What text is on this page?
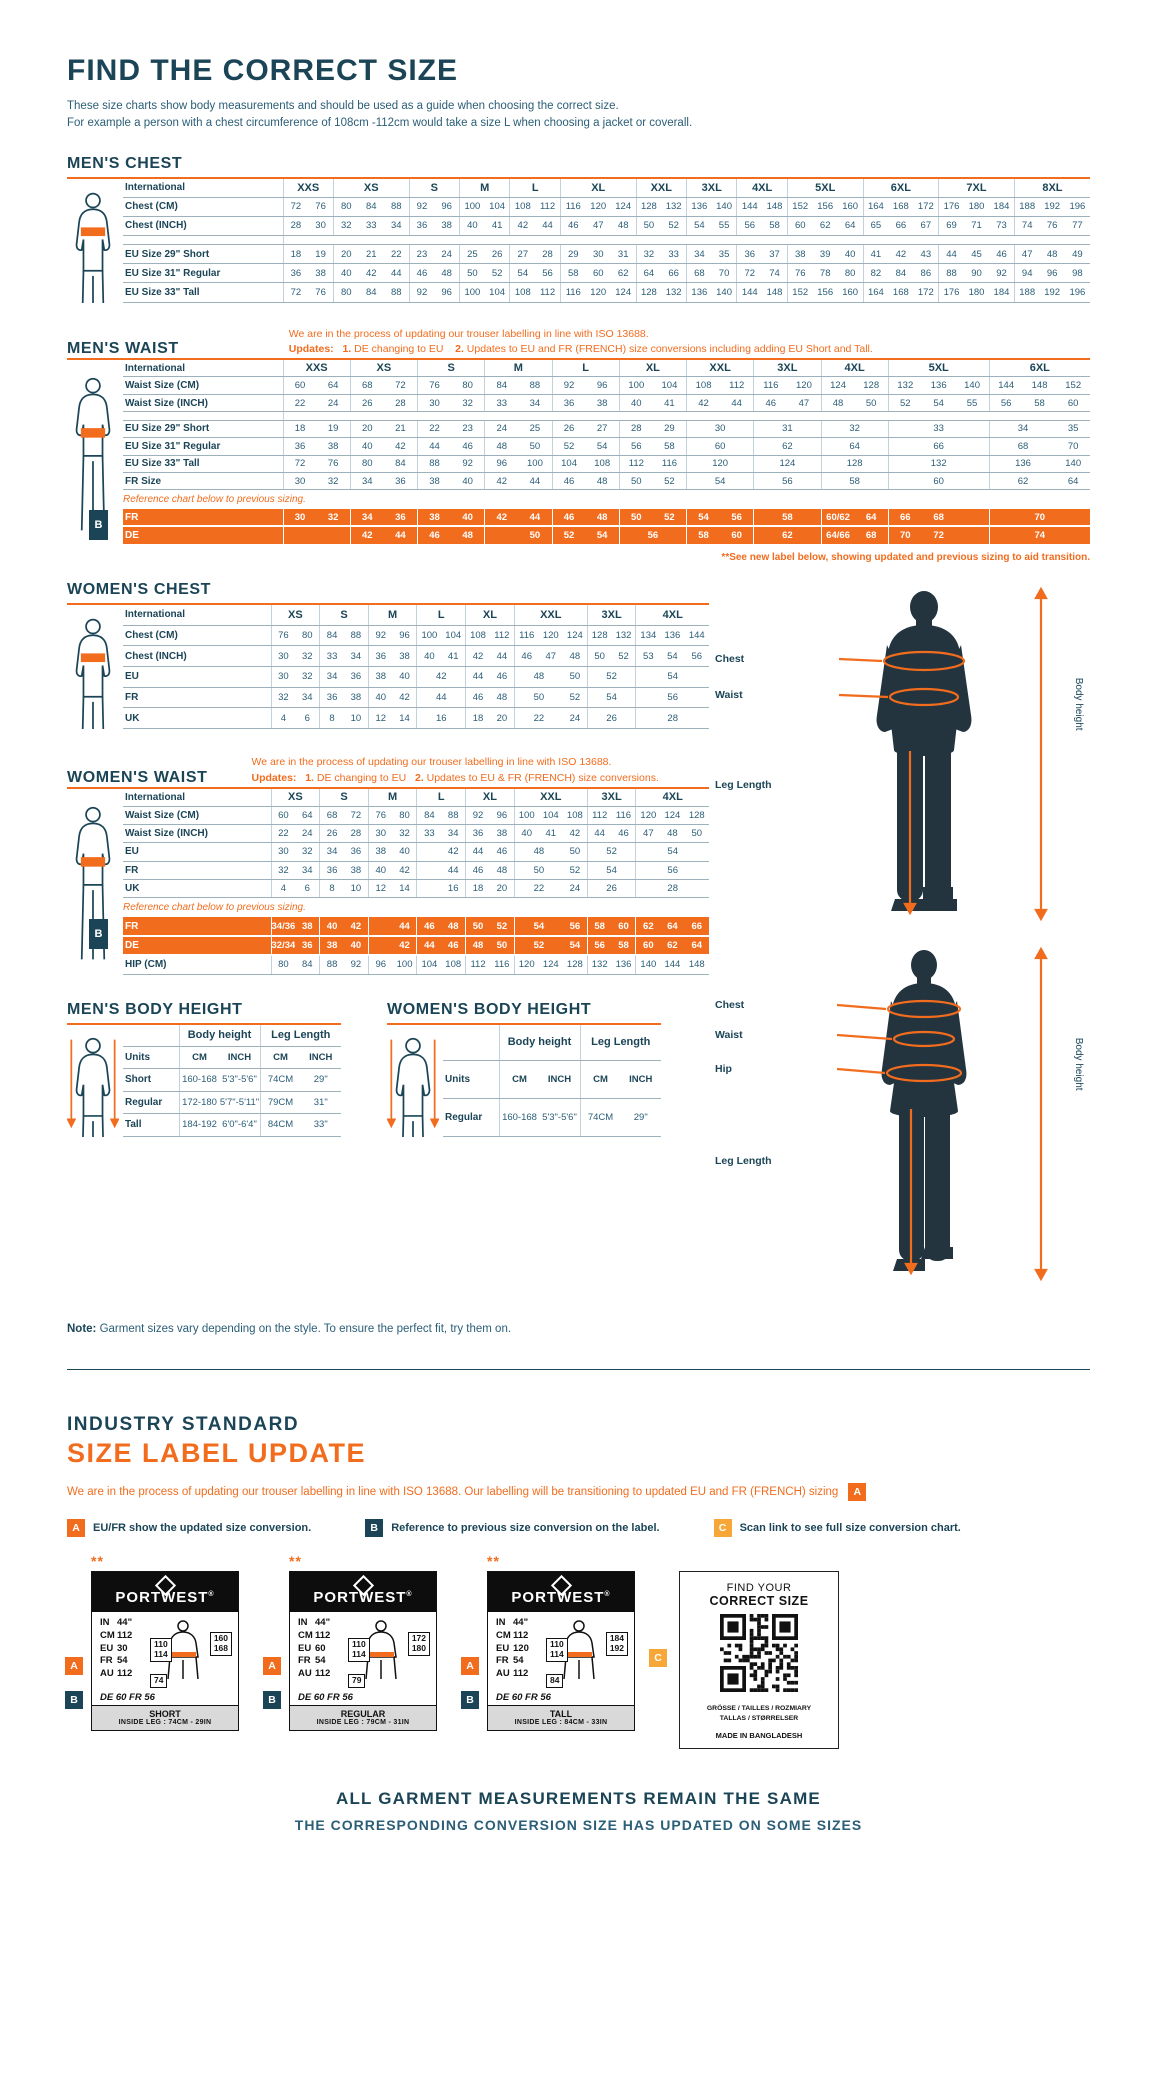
FIND THE CORRECT SIZE

These size charts show body measurements and should be used as a guide when choosing the correct size.
For example a person with a chest circumference of 108cm -112cm would take a size L when choosing a jacket or coverall.

MEN'S CHEST
International	XXS		XS			S		M		L		XL			XXL		3XL		4XL		5XL			6XL			7XL			8XL		
Chest (CM)	72	76	80	84	88	92	96	100	104	108	112	116	120	124	128	132	136	140	144	148	152	156	160	164	168	172	176	180	184	188	192	196
Chest (INCH)	28	30	32	33	34	36	38	40	41	42	44	46	47	48	50	52	54	55	56	58	60	62	64	65	66	67	69	71	73	74	76	77

EU Size 29" Short	18	19	20	21	22	23	24	25	26	27	28	29	30	31	32	33	34	35	36	37	38	39	40	41	42	43	44	45	46	47	48	49
EU Size 31" Regular	36	38	40	42	44	46	48	50	52	54	56	58	60	62	64	66	68	70	72	74	76	78	80	82	84	86	88	90	92	94	96	98
EU Size 33" Tall	72	76	80	84	88	92	96	100	104	108	112	116	120	124	128	132	136	140	144	148	152	156	160	164	168	172	176	180	184	188	192	196
MEN'S WAIST
We are in the process of updating our trouser labelling in line with ISO 13688.
Updates: 1. DE changing to EU 2. Updates to EU and FR (FRENCH) size conversions including adding EU Short and Tall.
B
International	XXS		XS		S		M		L		XL		XXL		3XL		4XL		5XL			6XL		
Waist Size (CM)	60	64	68	72	76	80	84	88	92	96	100	104	108	112	116	120	124	128	132	136	140	144	148	152
Waist Size (INCH)	22	24	26	28	30	32	33	34	36	38	40	41	42	44	46	47	48	50	52	54	55	56	58	60

EU Size 29" Short	18	19	20	21	22	23	24	25	26	27	28	29	30		31		32		33			34		35
EU Size 31" Regular	36	38	40	42	44	46	48	50	52	54	56	58	60		62		64		66			68		70
EU Size 33" Tall	72	76	80	84	88	92	96	100	104	108	112	116	120		124		128		132			136		140
FR Size	30	32	34	36	38	40	42	44	46	48	50	52	54		56		58		60			62		64
Reference chart below to previous sizing.																								
FR	30	32	34	36	38	40	42	44	46	48	50	52	54	56	58		60/62	64	66	68		70		
DE			42	44	46	48		50	52	54	56		58	60	62		64/66	68	70	72		74		

**See new label below, showing updated and previous sizing to aid transition.

WOMEN'S CHEST
International	XS		S		M		L		XL		XXL			3XL		4XL		
Chest (CM)	76	80	84	88	92	96	100	104	108	112	116	120	124	128	132	134	136	144
Chest (INCH)	30	32	33	34	36	38	40	41	42	44	46	47	48	50	52	53	54	56
EU	30	32	34	36	38	40	42		44	46	48		50	52		54		
FR	32	34	36	38	40	42	44		46	48	50		52	54		56		
UK	4	6	8	10	12	14	16		18	20	22		24	26		28		
WOMEN'S WAIST
We are in the process of updating our trouser labelling in line with ISO 13688.
Updates: 1. DE changing to EU 2. Updates to EU & FR (FRENCH) size conversions.
B
International	XS		S		M		L		XL		XXL			3XL		4XL		
Waist Size (CM)	60	64	68	72	76	80	84	88	92	96	100	104	108	112	116	120	124	128
Waist Size (INCH)	22	24	26	28	30	32	33	34	36	38	40	41	42	44	46	47	48	50
EU	30	32	34	36	38	40		42	44	46	48		50	52		54		
FR	32	34	36	38	40	42		44	46	48	50		52	54		56		
UK	4	6	8	10	12	14		16	18	20	22		24	26		28		
Reference chart below to previous sizing.																		
FR	34/36	38	40	42		44	46	48	50	52	54		56	58	60	62	64	66
DE	32/34	36	38	40		42	44	46	48	50	52		54	56	58	60	62	64
HIP (CM)	80	84	88	92	96	100	104	108	112	116	120	124	128	132	136	140	144	148
MEN'S BODY HEIGHT
	Body height		Leg Length	
Units	CM	INCH	CM	INCH
Short	160-168	5'3"-5'6"	74CM	29"
Regular	172-180	5'7"-5'11"	79CM	31"
Tall	184-192	6'0"-6'4"	84CM	33"
WOMEN'S BODY HEIGHT
	Body height		Leg Length	
Units	CM	INCH	CM	INCH
Regular	160-168	5'3"-5'6"	74CM	29"
Chest
Waist
Leg Length
Body height
Chest
Waist
Hip
Leg Length
Body height

Note: Garment sizes vary depending on the style. To ensure the perfect fit, try them on.

INDUSTRY STANDARD
SIZE LABEL UPDATE
We are in the process of updating our trouser labelling in line with ISO 13688. Our labelling will be transitioning to updated EU and FR (FRENCH) sizing	A
A	EU/FR show the updated size conversion.	B	Reference to previous size conversion on the label.	C	Scan link to see full size conversion chart.
**
A
B
PORTWEST®
IN 44"
CM 112
EU 30
FR 54
AU 112
110
114
160
168
74
DE 60 FR 56
SHORT
INSIDE LEG : 74CM - 29IN
**
A
B
PORTWEST®
IN 44"
CM 112
EU 60
FR 54
AU 112
110
114
172
180
79
DE 60 FR 56
REGULAR
INSIDE LEG : 79CM - 31IN
**
A
B
PORTWEST®
IN 44"
CM 112
EU 120
FR 54
AU 112
110
114
184
192
84
DE 60 FR 56
TALL
INSIDE LEG : 84CM - 33IN
C
FIND YOUR
CORRECT SIZE
GRÖSSE / TAILLES / ROZMIARY
TALLAS / STØRRELSER
MADE IN BANGLADESH
ALL GARMENT MEASUREMENTS REMAIN THE SAME
THE CORRESPONDING CONVERSION SIZE HAS UPDATED ON SOME SIZES
